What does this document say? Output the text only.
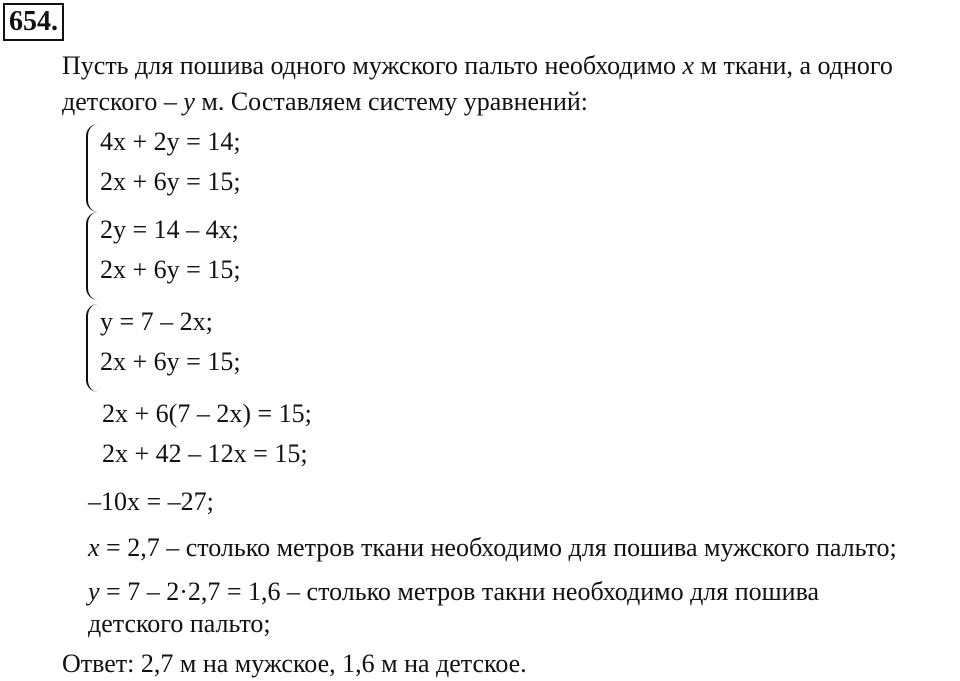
654.
Пусть для пошива одного мужского пальто необходимо x м ткани, а одного
детского – y м. Составляем систему уравнений:
4x + 2y = 14;
2x + 6y = 15;
2y = 14 – 4x;
2x + 6y = 15;
y = 7 – 2x;
2x + 6y = 15;
2x + 6(7 – 2x) = 15;
2x + 42 – 12x = 15;
–10x = –27;
x = 2,7 – столько метров ткани необходимо для пошива мужского пальто;
y = 7 – 2·2,7 = 1,6 – столько метров такни необходимо для пошива
детского пальто;
Ответ: 2,7 м на мужское, 1,6 м на детское.
